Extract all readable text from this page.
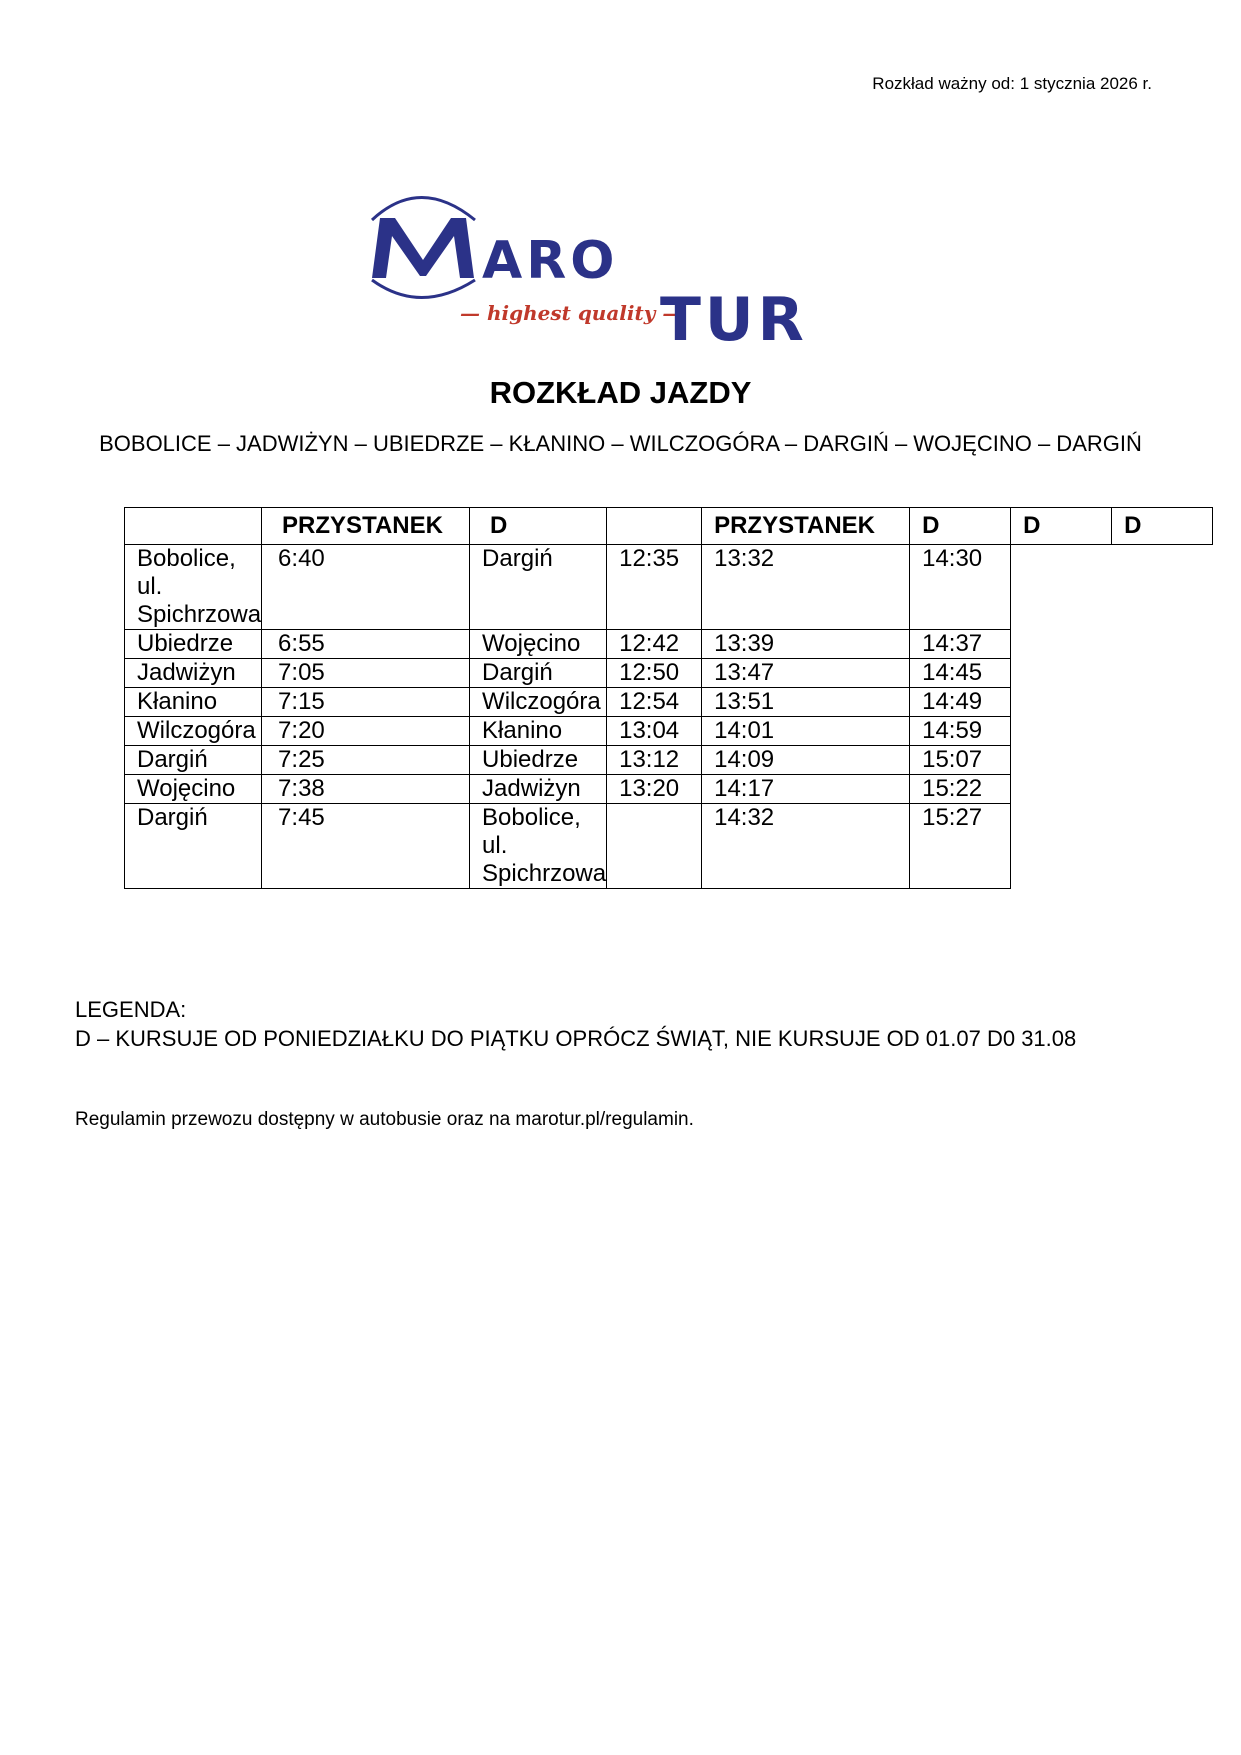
Rozkład ważny od: 1 stycznia 2026 r.
ARO
— highest quality —
TUR
ROZKŁAD JAZDY
BOBOLICE – JADWIŻYN – UBIEDRZE – KŁANINO – WILCZOGÓRA – DARGIŃ – WOJĘCINO – DARGIŃ
	PRZYSTANEK	D		PRZYSTANEK	D	D	D
Bobolice, ul. Spichrzowa	6:40	Dargiń	12:35	13:32	14:30		
Ubiedrze	6:55	Wojęcino	12:42	13:39	14:37		
Jadwiżyn	7:05	Dargiń	12:50	13:47	14:45		
Kłanino	7:15	Wilczogóra	12:54	13:51	14:49		
Wilczogóra	7:20	Kłanino	13:04	14:01	14:59		
Dargiń	7:25	Ubiedrze	13:12	14:09	15:07		
Wojęcino	7:38	Jadwiżyn	13:20	14:17	15:22		
Dargiń	7:45	Bobolice, ul. Spichrzowa		14:32	15:27		
LEGENDA:
D – KURSUJE OD PONIEDZIAŁKU DO PIĄTKU OPRÓCZ ŚWIĄT, NIE KURSUJE OD 01.07 D0 31.08
Regulamin przewozu dostępny w autobusie oraz na marotur.pl/regulamin.
